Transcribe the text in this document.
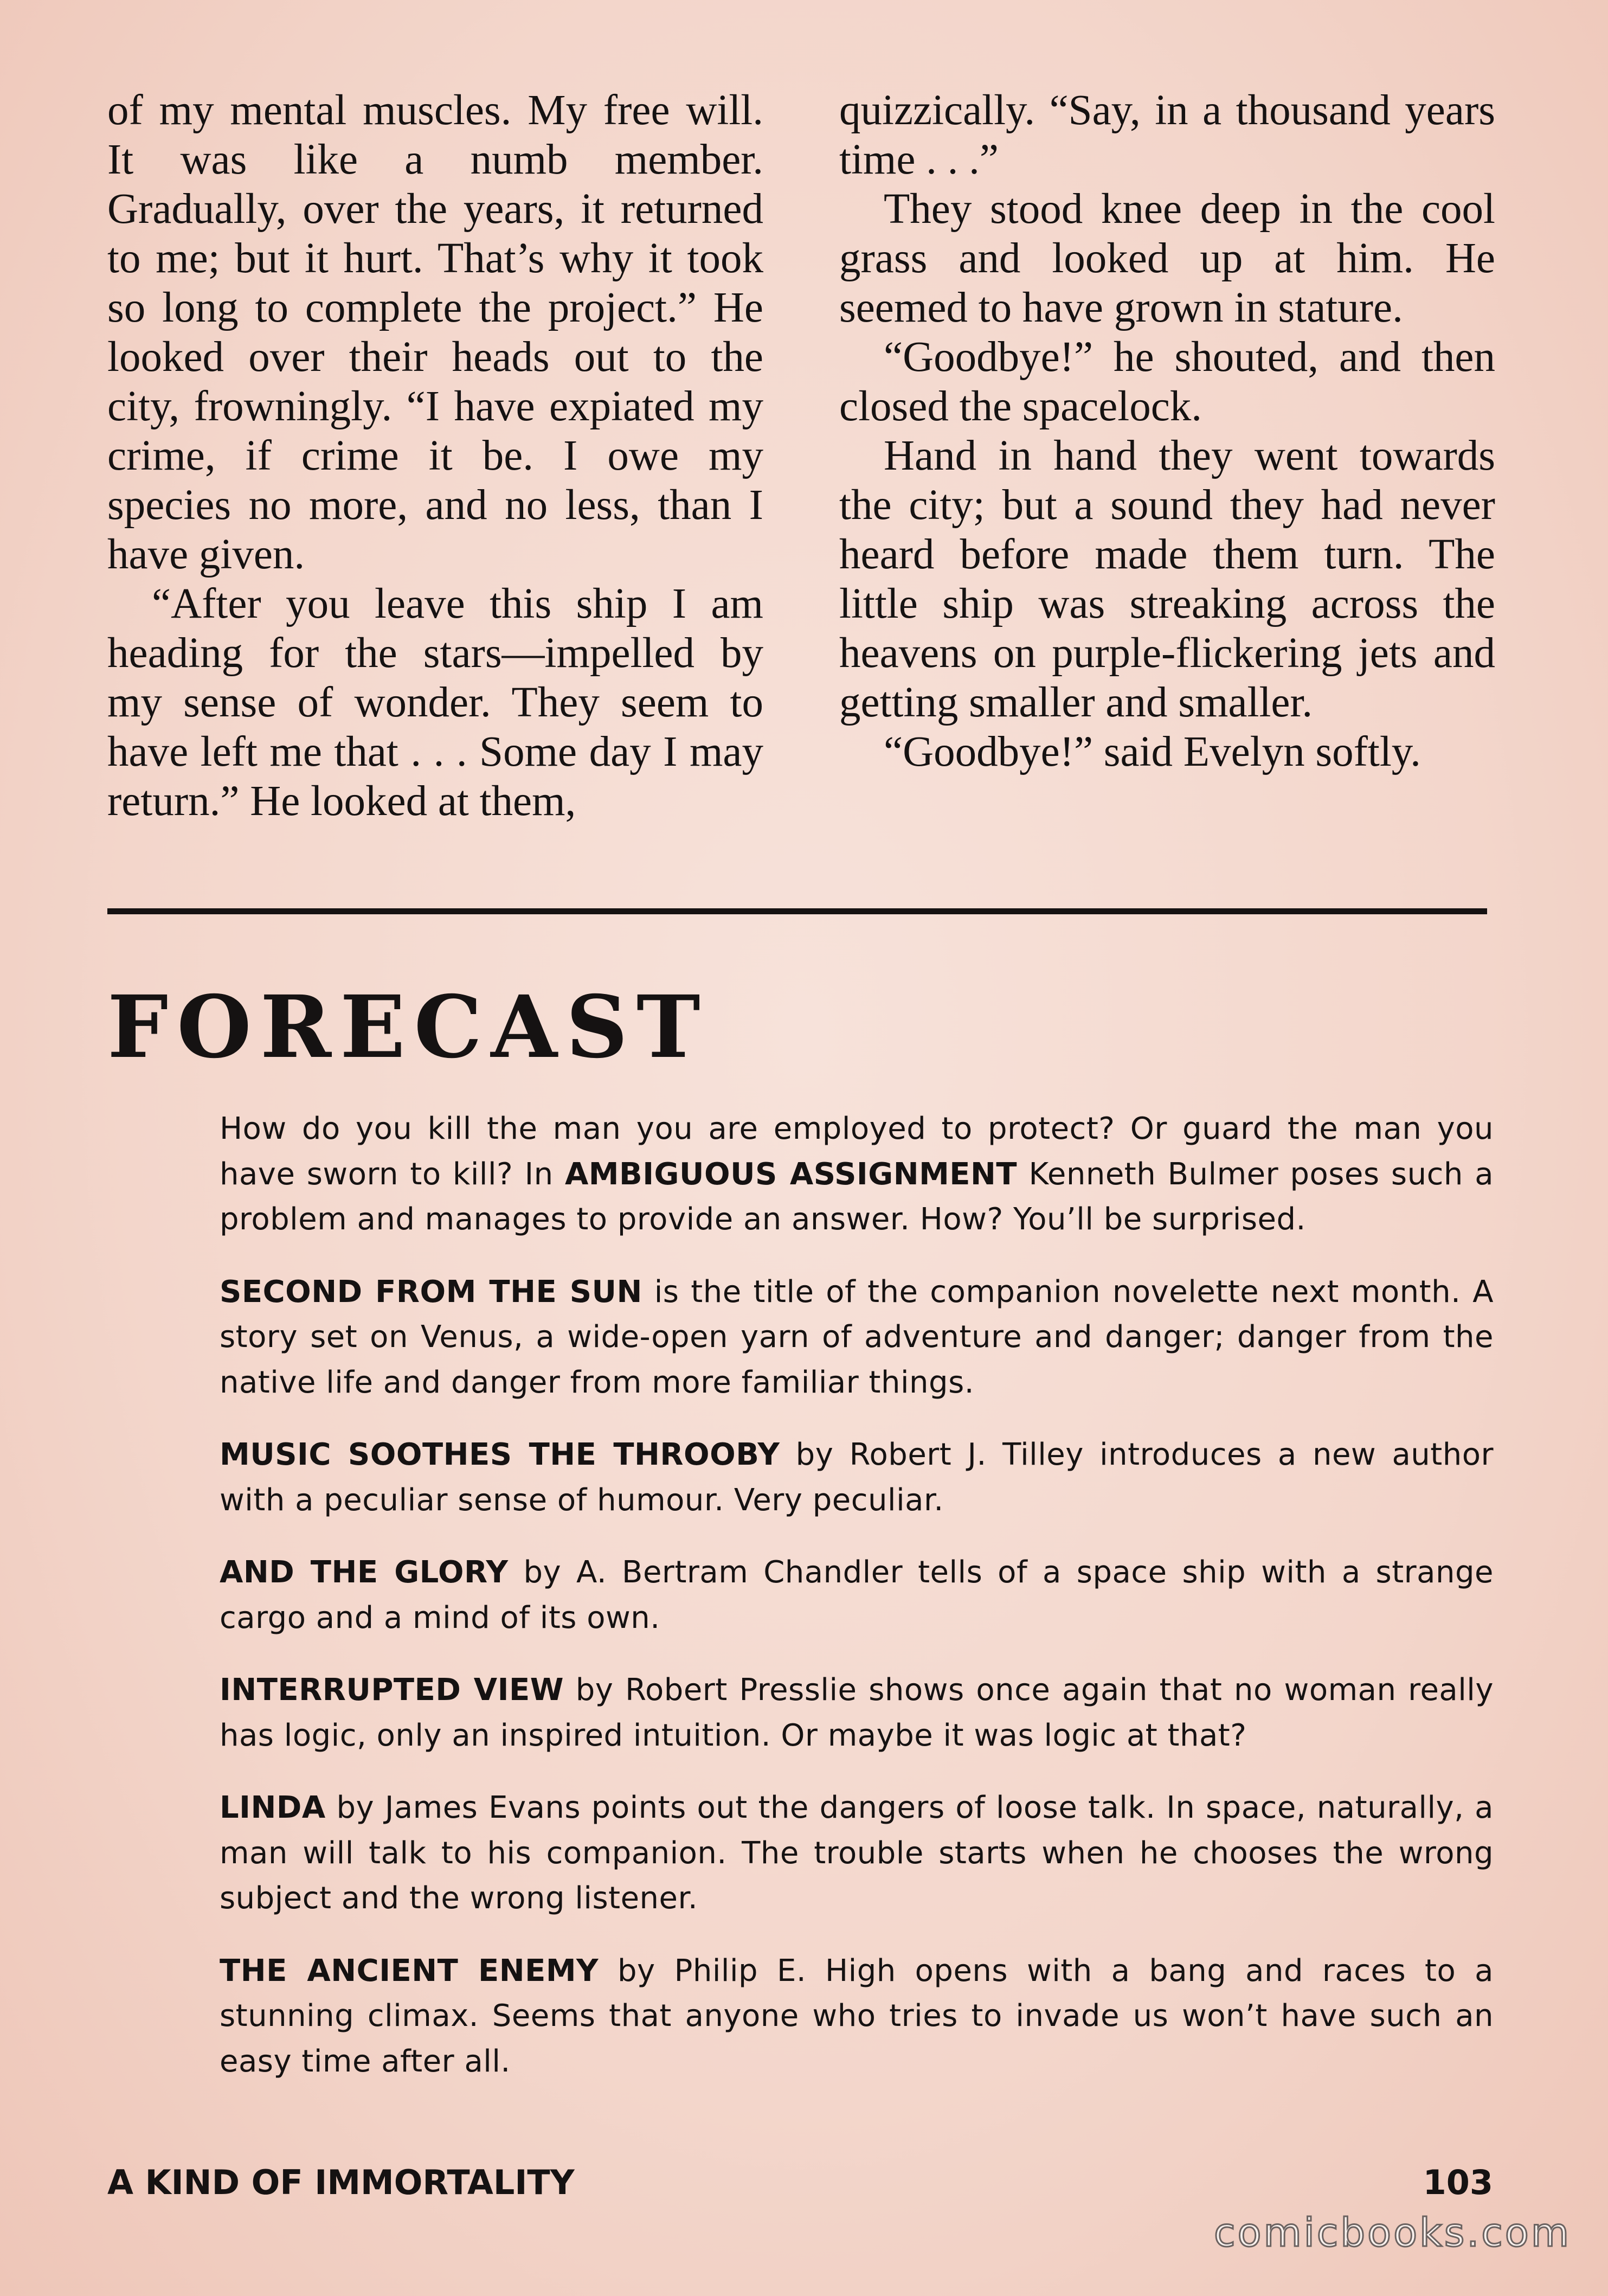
of my mental muscles. My free will. It was like a numb member. Gradually, over the years, it returned to me; but it hurt. That’s why it took so long to complete the project.” He looked over their heads out to the city, frowningly. “I have expiated my crime, if crime it be. I owe my species no more, and no less, than I have given.

“After you leave this ship I am heading for the stars—impelled by my sense of wonder. They seem to have left me that . . . Some day I may return.” He looked at them,

quizzically. “Say, in a thousand years time . . .”

They stood knee deep in the cool grass and looked up at him. He seemed to have grown in stature.

“Goodbye!” he shouted, and then closed the spacelock.

Hand in hand they went towards the city; but a sound they had never heard before made them turn. The little ship was streaking across the heavens on purple-flickering jets and getting smaller and smaller.

“Goodbye!” said Evelyn softly.

FORECAST

How do you kill the man you are employed to protect? Or guard the man you have sworn to kill? In AMBIGUOUS ASSIGNMENT Kenneth Bulmer poses such a problem and manages to provide an answer. How? You’ll be surprised.

SECOND FROM THE SUN is the title of the companion novelette next month. A story set on Venus, a wide-open yarn of adventure and danger; danger from the native life and danger from more familiar things.

MUSIC SOOTHES THE THROOBY by Robert J. Tilley introduces a new author with a peculiar sense of humour. Very peculiar.

AND THE GLORY by A. Bertram Chandler tells of a space ship with a strange cargo and a mind of its own.

INTERRUPTED VIEW by Robert Presslie shows once again that no woman really has logic, only an inspired intuition. Or maybe it was logic at that?

LINDA by James Evans points out the dangers of loose talk. In space, naturally, a man will talk to his companion. The trouble starts when he chooses the wrong subject and the wrong listener.

THE ANCIENT ENEMY by Philip E. High opens with a bang and races to a stunning climax. Seems that anyone who tries to invade us won’t have such an easy time after all.

A KIND OF IMMORTALITY	103
comicbooks.com
